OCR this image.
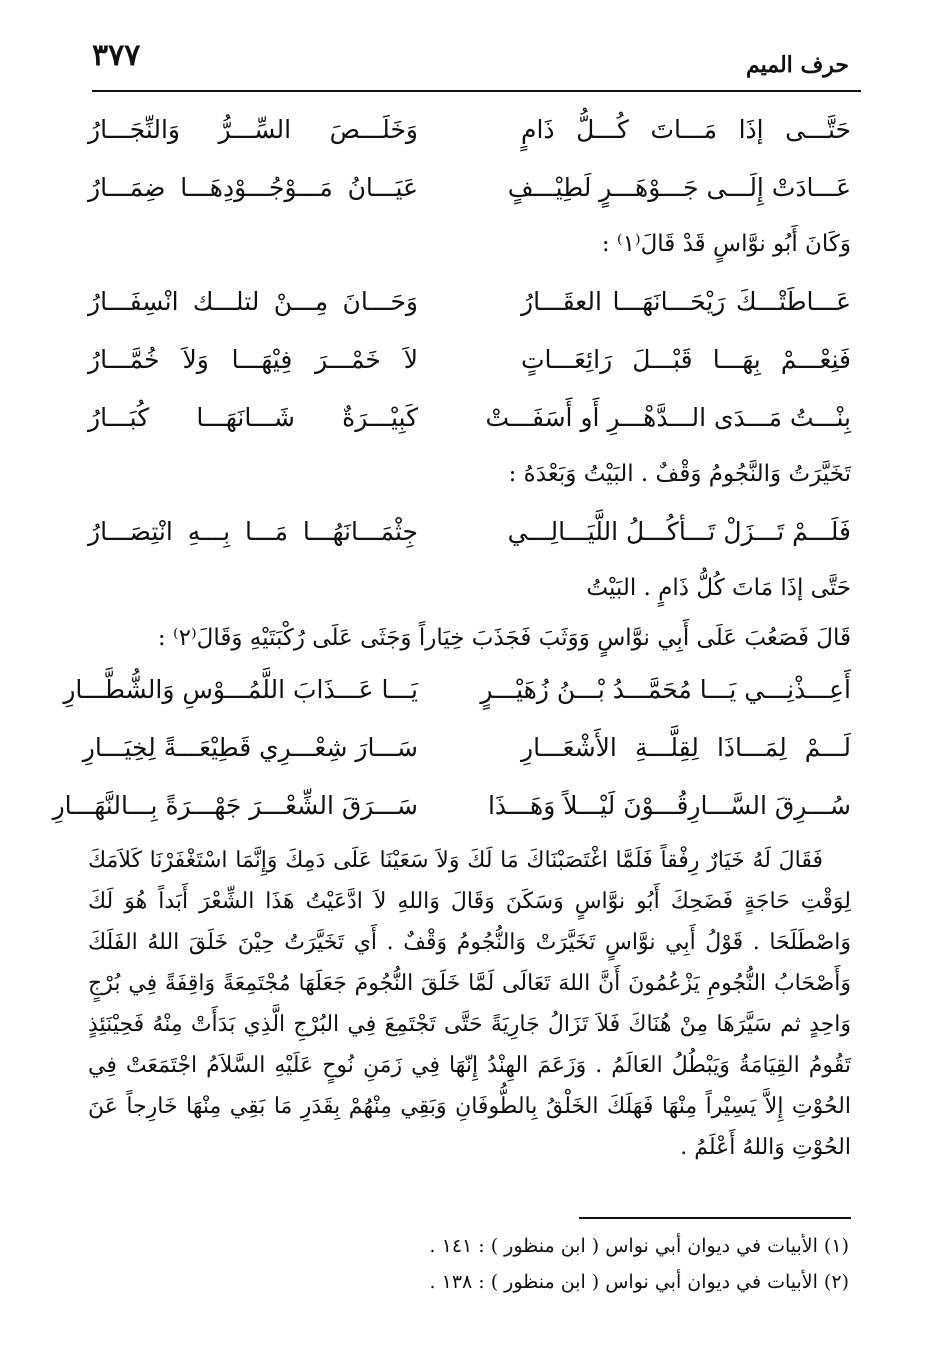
٣٧٧	حرف الميم
حَتَّـــى إذَا مَـــاتَ كُـــلُّ ذَامٍ
وَخَلَـــصَ السِّـــرُّ وَالنِّجَـــارُ
عَـــادَتْ إِلَـــى جَـــوْهَـــرٍ لَطِيْـــفٍ
عَيَـــانُ مَـــوْجُـــوْدِهَـــا ضِمَـــارُ
وَكَانَ أَبُو نوَّاسٍ قَدْ قَالَ⁽١⁾ :
عَـــاطَتْـــكَ رَيْحَـــانَهَـــا العقَـــارُ
وَحَـــانَ مِـــنْ لتلـــك انْسِفَـــارُ
فَنِعْـــمْ بِهَـــا قَبْـــلَ رَائِعَـــاتٍ
لاَ خَمْـــرَ فِيْهَـــا وَلاَ خُمَّـــارُ
بِنْـــتُ مَـــدَى الـــدَّهْـــرِ أَو أَسَفَـــتْ
كَبِيْـــرَةٌ شَـــانَهَـــا كُبَـــارُ
تَخَيَّرَتُ وَالنَّجُومُ وَقْفٌ . البَيْتُ وَبَعْدَهُ :
فَلَـــمْ تَـــزَلْ تَـــأكُـــلُ اللَّيَـــالِـــي
جِثْمَـــانَهُـــا مَـــا بِـــهِ انْتِصَـــارُ
حَتَّى إذَا مَاتَ كُلُّ ذَامٍ . البَيْتُ
قَالَ فَصَعُبَ عَلَى أَبِي نوَّاسٍ وَوَثَبَ فَجَذَبَ خِيَاراً وَجَثَى عَلَى رُكْبَتَيْهِ وَقَالَ⁽٢⁾ :
أَعِـــذْنِـــي يَـــا مُحَمَّـــدُ بْـــنُ زُهَيْـــرٍ
يَـــا عَـــذَابَ اللَّمُـــوْسِ وَالشُّطَّـــارِ
لَـــمْ لِمَـــاذَا لِقِلَّـــةِ الأَشْعَـــارِ
سَـــارَ شِعْـــرِي قَطِيْعَـــةً لِخِيَـــارِ
سُـــرِقَ السَّـــارِقُـــوْنَ لَيْـــلاً وَهَـــذَا
سَـــرَقَ الشِّعْـــرَ جَهْـــرَةً بِـــالنَّهَـــارِ

فَقَالَ لَهُ خَيَارٌ رِفْقاً فَلَمَّا اغْتَصَبْنَاكَ مَا لَكَ وَلاَ سَعَيْنَا عَلَى دَمِكَ وَإِنَّمَا اسْتَغْفَرْنَا كَلاَمَكَ لِوَقْتِ حَاجَةٍ فَضَحِكَ أَبُو نوَّاسٍ وَسَكَنَ وَقَالَ وَاللهِ لاَ ادَّعَيْتُ هَذَا الشِّعْرَ أَبَداً هُوَ لَكَ وَاصْطَلَحَا . قَوْلُ أَبِي نوَّاسٍ تَخَيَّرَتْ وَالنُّجُومُ وَقْفٌ . أَي تَخَيَّرَتُ حِيْنَ خَلَقَ اللهُ الفَلَكَ وَأَصْحَابُ النُّجُومِ يَزْعُمُونَ أَنَّ اللهَ تَعَالَى لَمَّا خَلَقَ النُّجُومَ جَعَلَهَا مُجْتَمِعَةً وَاقِفَةً فِي بُرْجٍ وَاحِدٍ ثم سَيَّرَهَا مِنْ هُنَاكَ فَلاَ تَزَالُ جَارِيَةً حَتَّى تَجْتَمِعَ فِي البُرْجِ الَّذِي بَدَأَتْ مِنْهُ فَحِيْنَئِذٍ تَقُومُ القِيَامَةُ وَيَبْطُلُ العَالَمُ . وَزَعَمَ الهِنْدُ إِنّهَا فِي زَمَنِ نُوحٍ عَلَيْهِ السَّلاَمُ اجْتَمَعَتْ فِي الحُوْتِ إِلاَّ يَسِيْراً مِنْهَا فَهَلَكَ الخَلْقُ بِالطُّوفَانِ وَبَقِي مِنْهُمْ بِقَدَرِ مَا بَقِي مِنْهَا خَارِجاً عَنَ الحُوْتِ وَاللهُ أَعْلَمُ .

(١) الأبيات في ديوان أبي نواس ( ابن منظور ) : ١٤١ .
(٢) الأبيات في ديوان أبي نواس ( ابن منظور ) : ١٣٨ .
